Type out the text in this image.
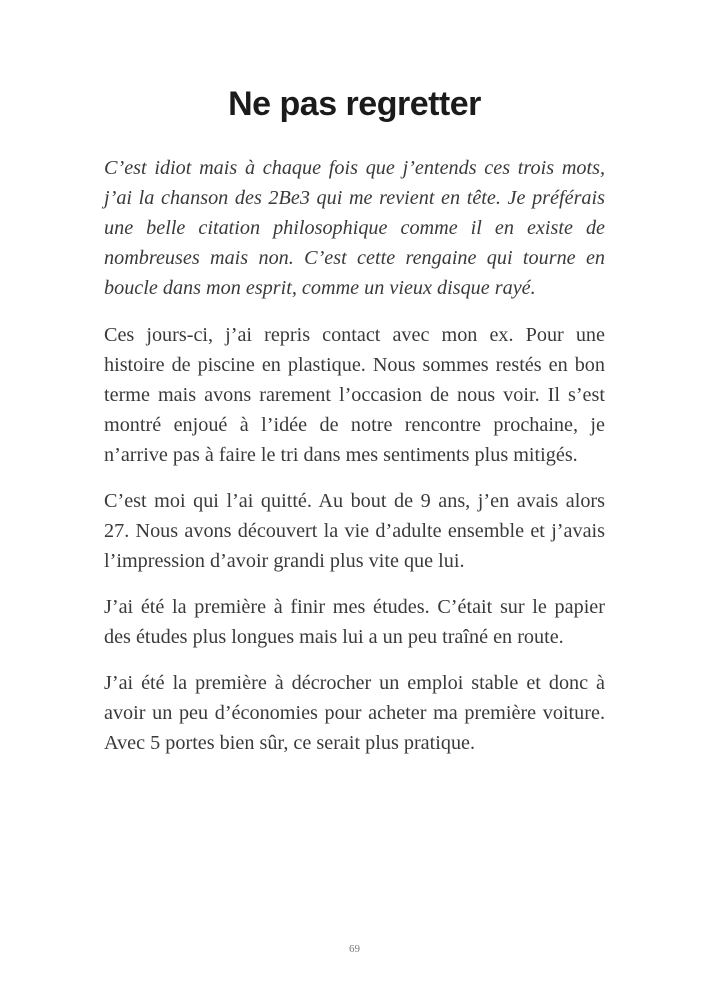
Ne pas regretter

C’est idiot mais à chaque fois que j’entends ces trois mots, j’ai la chanson des 2Be3 qui me revient en tête. Je préférais une belle citation philosophique comme il en existe de nombreuses mais non. C’est cette rengaine qui tourne en boucle dans mon esprit, comme un vieux disque rayé.

Ces jours-ci, j’ai repris contact avec mon ex. Pour une histoire de piscine en plastique. Nous sommes restés en bon terme mais avons rarement l’occasion de nous voir. Il s’est montré enjoué à l’idée de notre rencontre prochaine, je n’arrive pas à faire le tri dans mes sentiments plus mitigés.

C’est moi qui l’ai quitté. Au bout de 9 ans, j’en avais alors 27. Nous avons découvert la vie d’adulte ensemble et j’avais l’impression d’avoir grandi plus vite que lui.

J’ai été la première à finir mes études. C’était sur le papier des études plus longues mais lui a un peu traîné en route.

J’ai été la première à décrocher un emploi stable et donc à avoir un peu d’économies pour acheter ma première voiture. Avec 5 portes bien sûr, ce serait plus pratique.

69
